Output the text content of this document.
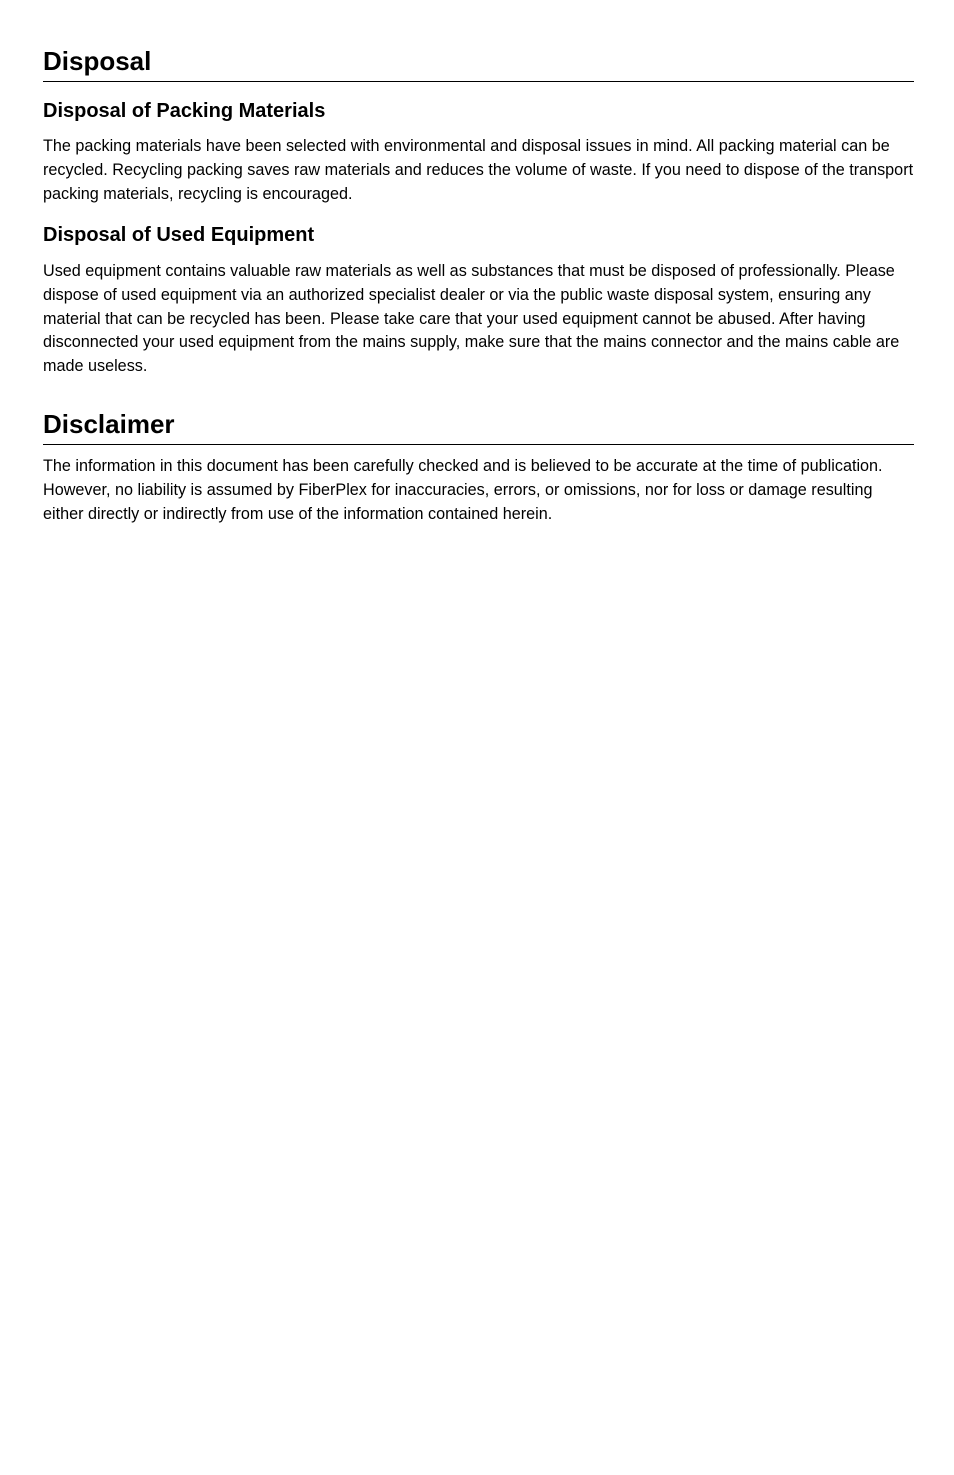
Disposal
Disposal of Packing Materials

The packing materials have been selected with environmental and disposal issues in mind. All packing material can be recycled. Recycling packing saves raw materials and reduces the volume of waste. If you need to dispose of the transport packing materials, recycling is encouraged.

Disposal of Used Equipment

Used equipment contains valuable raw materials as well as substances that must be disposed of professionally. Please dispose of used equipment via an authorized specialist dealer or via the public waste disposal system, ensuring any material that can be recycled has been. Please take care that your used equipment cannot be abused. After having disconnected your used equipment from the mains supply, make sure that the mains connector and the mains cable are made useless.

Disclaimer

The information in this document has been carefully checked and is believed to be accurate at the time of publication. However, no liability is assumed by FiberPlex for inaccuracies, errors, or omissions, nor for loss or damage resulting either directly or indirectly from use of the information contained herein.
